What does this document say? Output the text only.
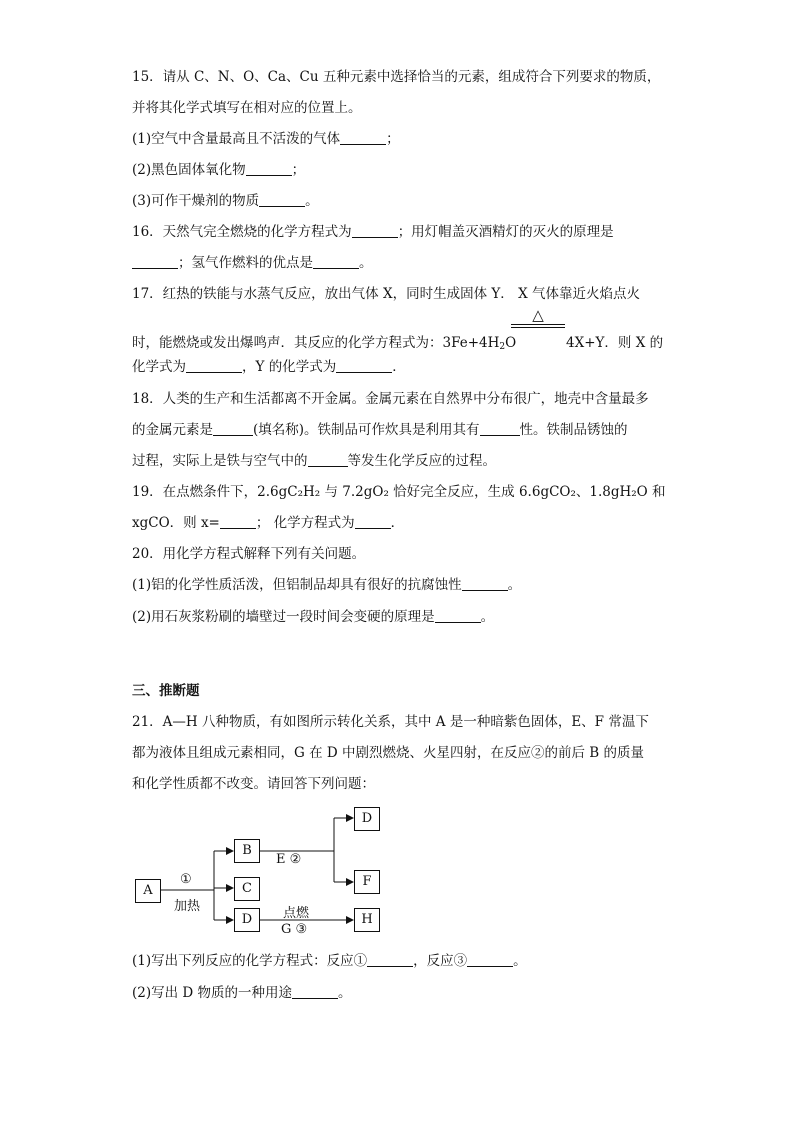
15．请从 C、N、O、Ca、Cu 五种元素中选择恰当的元素，组成符合下列要求的物质，
并将其化学式填写在相对应的位置上。
(1)空气中含量最高且不活泼的气体	；
(2)黑色固体氧化物	；
(3)可作干燥剂的物质	。
16．天然气完全燃烧的化学方程式为	；用灯帽盖灭酒精灯的灭火的原理是
；氢气作燃料的优点是	。
17．红热的铁能与水蒸气反应，放出气体 X，同时生成固体 Y． X 气体靠近火焰点火
△
时，能燃烧或发出爆鸣声．其反应的化学方程式为：$3Fe+4H_2O$	4X+Y．则 X 的
化学式为	，Y 的化学式为	．
18．人类的生产和生活都离不开金属。金属元素在自然界中分布很广，地壳中含量最多
的金属元素是	(填名称)。铁制品可作炊具是利用其有	性。铁制品锈蚀的
过程，实际上是铁与空气中的	等发生化学反应的过程。
19．在点燃条件下，2.6gC₂H₂ 与 7.2gO₂ 恰好完全反应，生成 6.6gCO₂、1.8gH₂O 和
xgCO．则 x=	； 化学方程式为	．
20．用化学方程式解释下列有关问题。
(1)铝的化学性质活泼，但铝制品却具有很好的抗腐蚀性	。
(2)用石灰浆粉刷的墙壁过一段时间会变硬的原理是	。
三、推断题
21．A—H 八种物质，有如图所示转化关系，其中 A 是一种暗紫色固体，E、F 常温下
都为液体且组成元素相同，G 在 D 中剧烈燃烧、火星四射，在反应②的前后 B 的质量
和化学性质都不改变。请回答下列问题：
A
B
C
D
D
F
H
①
加热
E ②
点燃
G ③
(1)写出下列反应的化学方程式：反应①	，反应③	。
(2)写出 D 物质的一种用途	。
